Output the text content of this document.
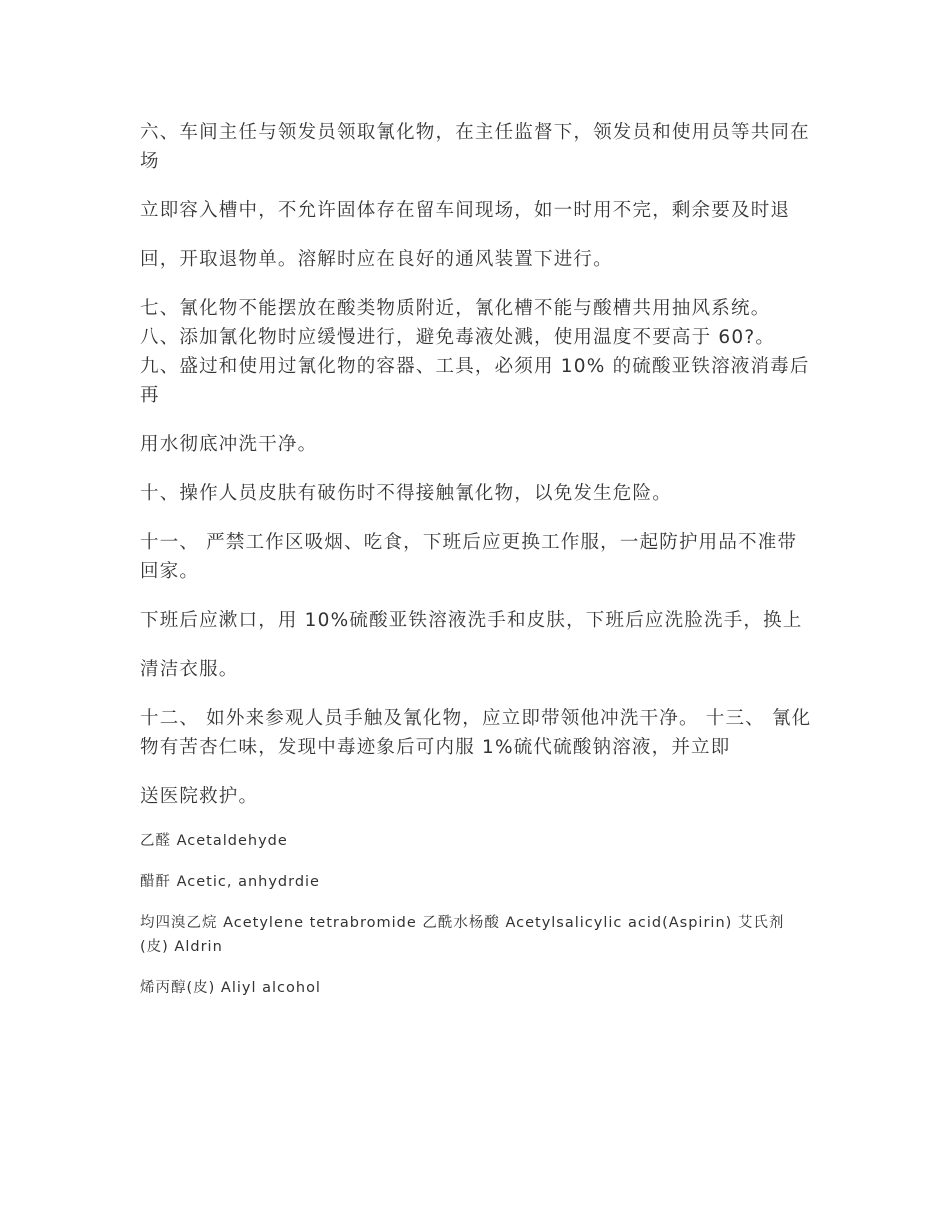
六、车间主任与领发员领取氰化物，在主任监督下，领发员和使用员等共同在场

立即容入槽中，不允许固体存在留车间现场，如一时用不完，剩余要及时退

回，开取退物单。溶解时应在良好的通风装置下进行。

七、氰化物不能摆放在酸类物质附近，氰化槽不能与酸槽共用抽风系统。 八、添加氰化物时应缓慢进行，避免毒液处溅，使用温度不要高于 60?。 九、盛过和使用过氰化物的容器、工具，必须用 10% 的硫酸亚铁溶液消毒后再

用水彻底冲洗干净。

十、操作人员皮肤有破伤时不得接触氰化物，以免发生危险。

十一、 严禁工作区吸烟、吃食，下班后应更换工作服，一起防护用品不准带回家。

下班后应漱口，用 10%硫酸亚铁溶液洗手和皮肤，下班后应洗脸洗手，换上

清洁衣服。

十二、 如外来参观人员手触及氰化物，应立即带领他冲洗干净。 十三、 氰化物有苦杏仁味，发现中毒迹象后可内服 1%硫代硫酸钠溶液，并立即

送医院救护。

乙醛 Acetaldehyde

醋酐 Acetic, anhydrdie

均四溴乙烷 Acetylene tetrabromide 乙酰水杨酸 Acetylsalicylic acid(Aspirin) 艾氏剂(皮) Aldrin

烯丙醇(皮) Aliyl alcohol
